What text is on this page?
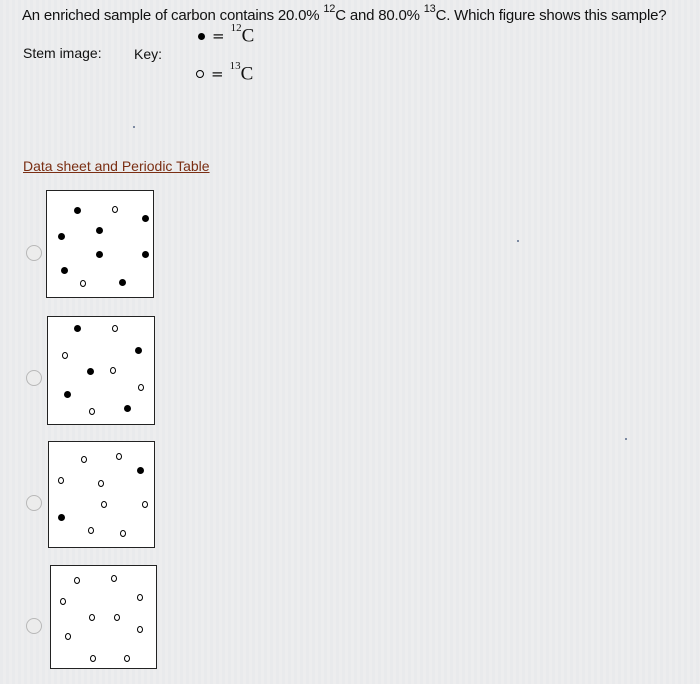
An enriched sample of carbon contains 20.0% $^{12}$C and 80.0% $^{13}$C. Which figure shows this sample?
Stem image: Key:
= $^{12}$C
= $^{13}$C
Data sheet and Periodic Table
